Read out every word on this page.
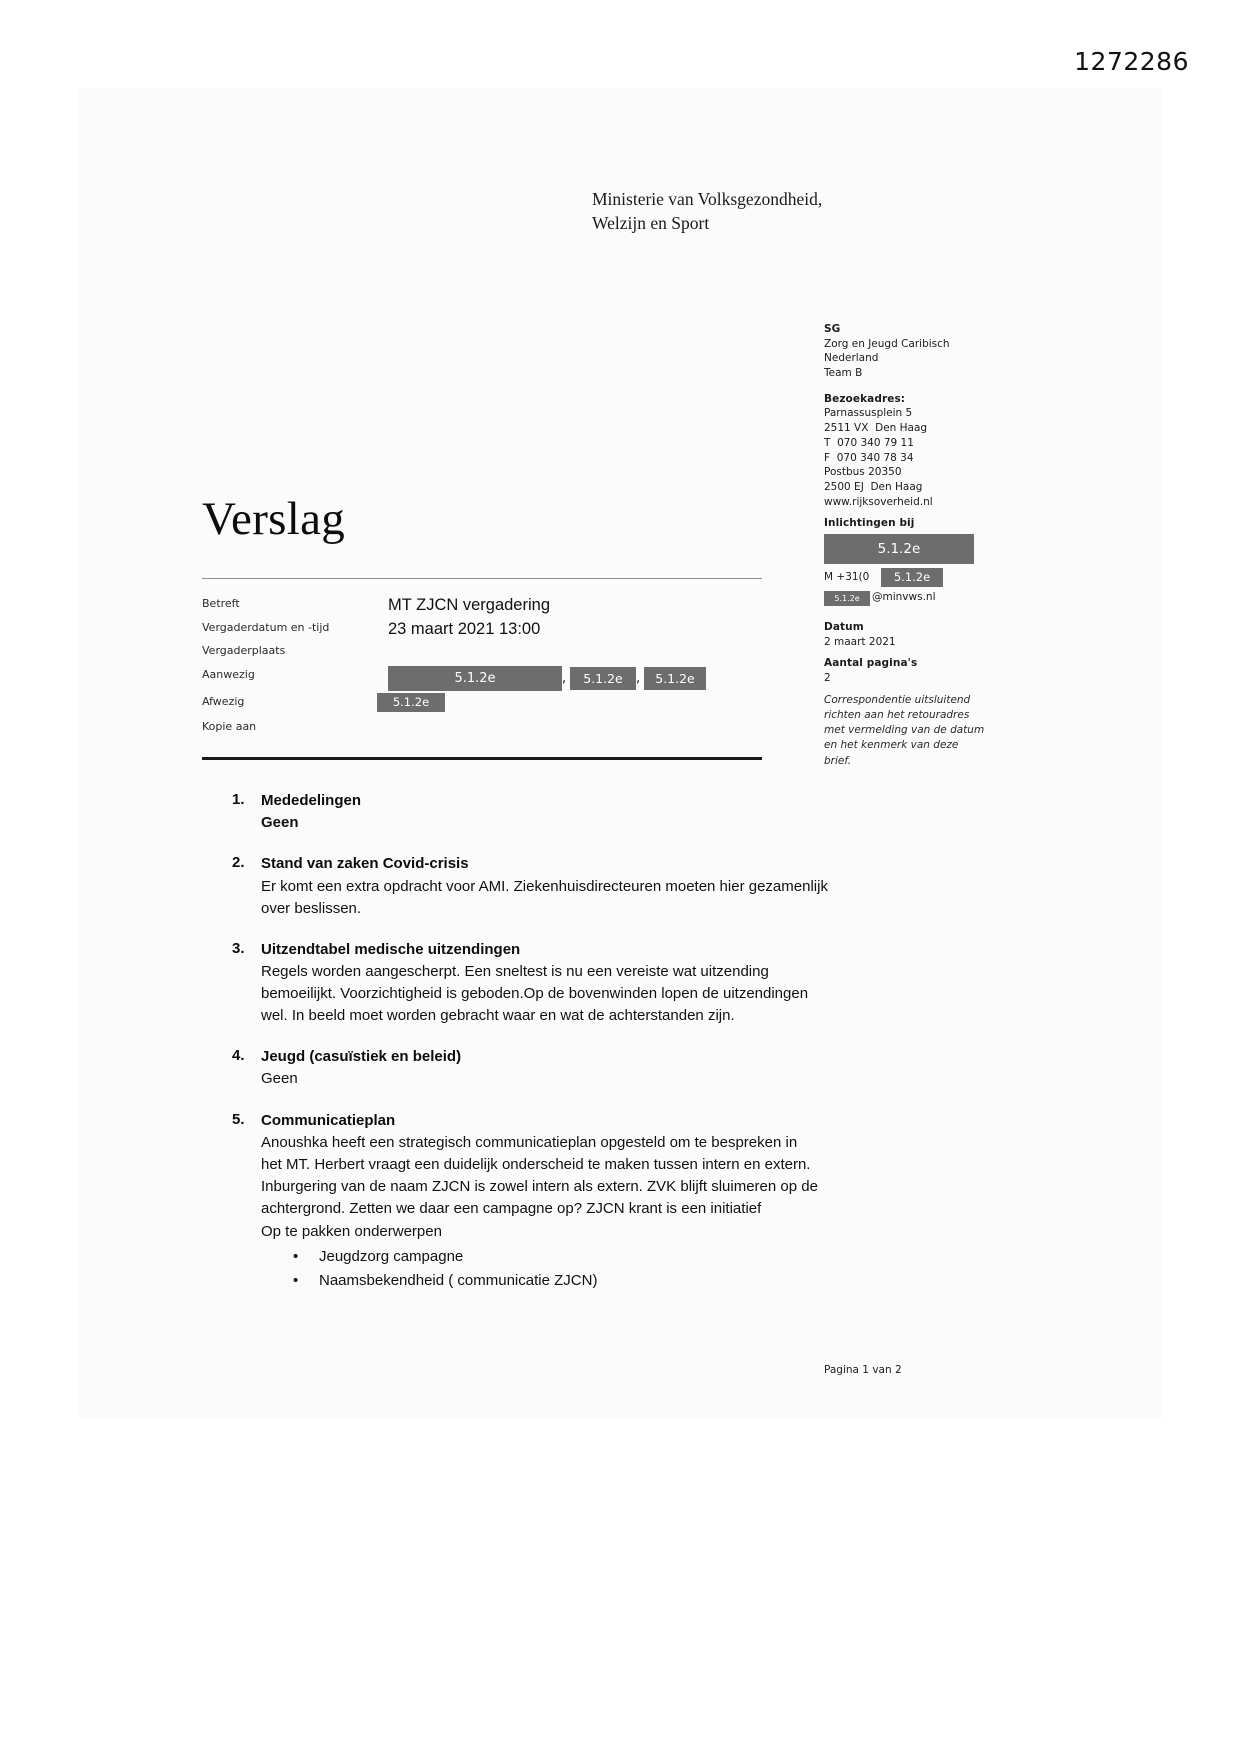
1272286
Ministerie van Volksgezondheid,
Welzijn en Sport
SG
Zorg en Jeugd Caribisch
Nederland
Team B
Bezoekadres:
Parnassusplein 5
2511 VX  Den Haag
T  070 340 79 11
F  070 340 78 34
Postbus 20350
2500 EJ  Den Haag
www.rijksoverheid.nl
Inlichtingen bij
5.1.2e
M +31(0	5.1.2e
5.1.2e	@minvws.nl
Datum
2 maart 2021
Aantal pagina's
2
Correspondentie uitsluitend
richten aan het retouradres
met vermelding van de datum
en het kenmerk van deze
brief.
Verslag
Betreft	MT ZJCN vergadering
Vergaderdatum en -tijd	23 maart 2021 13:00
Vergaderplaats
Aanwezig	5.1.2e	, 5.1.2e , 5.1.2e
Afwezig	5.1.2e
Kopie aan
1.	Mededelingen
Geen
2.	Stand van zaken Covid-crisis
Er komt een extra opdracht voor AMI. Ziekenhuisdirecteuren moeten hier gezamenlijk over beslissen.
3.	Uitzendtabel medische uitzendingen
Regels worden aangescherpt. Een sneltest is nu een vereiste wat uitzending bemoeilijkt. Voorzichtigheid is geboden.Op de bovenwinden lopen de uitzendingen wel. In beeld moet worden gebracht waar en wat de achterstanden zijn.
4.	Jeugd (casuïstiek en beleid)
Geen
5.	Communicatieplan
Anoushka heeft een strategisch communicatieplan opgesteld om te bespreken in het MT. Herbert vraagt een duidelijk onderscheid te maken tussen intern en extern. Inburgering van de naam ZJCN is zowel intern als extern. ZVK blijft sluimeren op de achtergrond. Zetten we daar een campagne op? ZJCN krant is een initiatief
Op te pakken onderwerpen
• Jeugdzorg campagne
• Naamsbekendheid ( communicatie ZJCN)
Pagina 1 van 2
